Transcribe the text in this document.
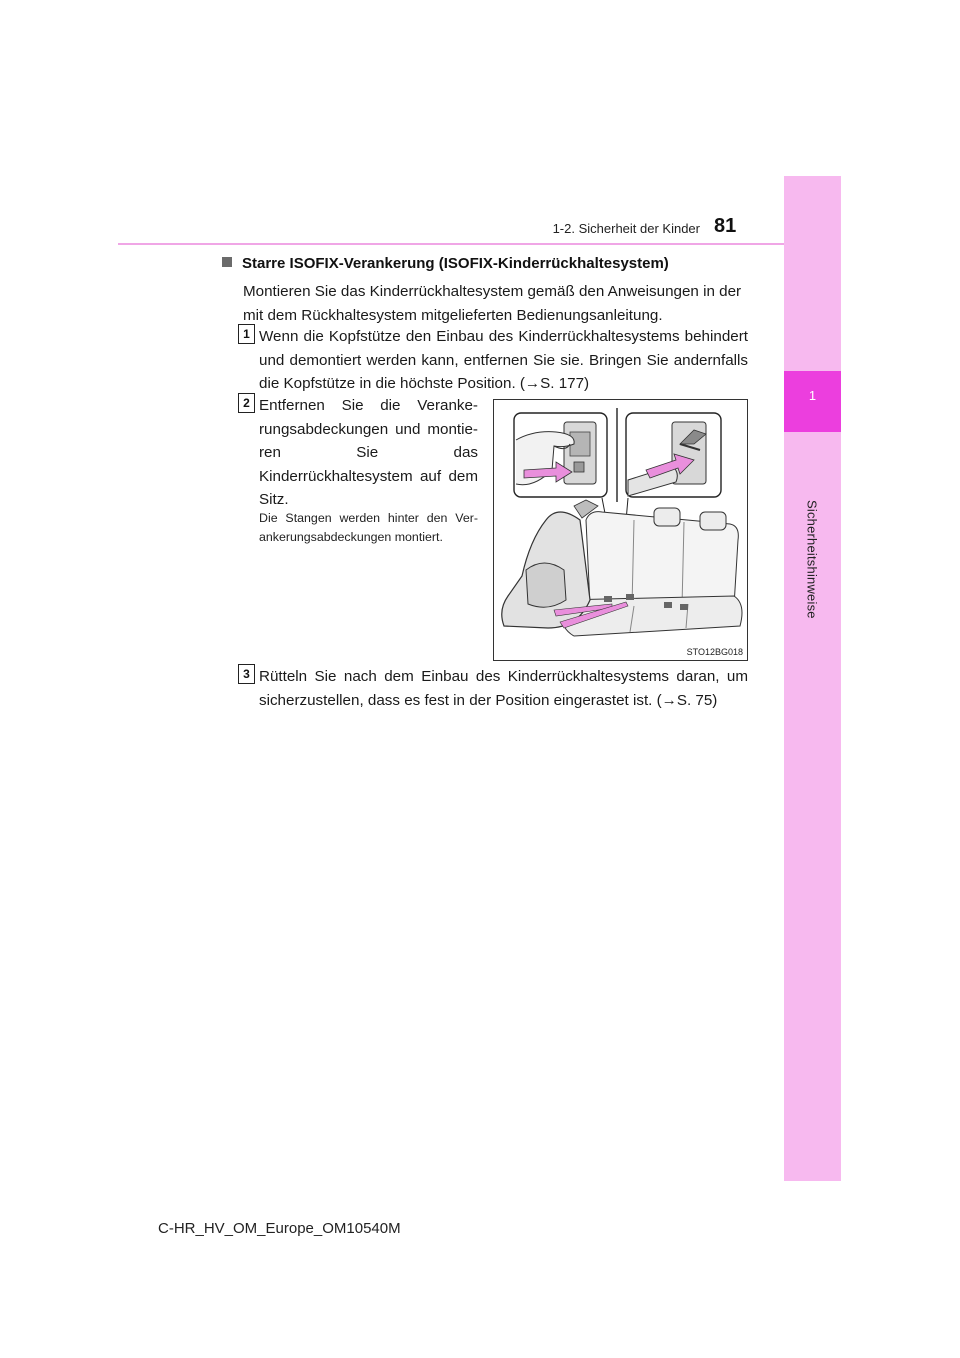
1
Sicherheitshinweise
1-2. Sicherheit der Kinder 81
Starre ISOFIX-Verankerung (ISOFIX-Kinderrückhaltesystem)
Montieren Sie das Kinderrückhaltesystem gemäß den Anweisungen in der mit dem Rückhaltesystem mitgelieferten Bedienungsanleitung.
1 Wenn die Kopfstütze den Einbau des Kinderrückhaltesystems behindert und demontiert werden kann, entfernen Sie sie. Bringen Sie andernfalls die Kopfstütze in die höchste Position. (→S. 177)
2 Entfernen Sie die Veranke-rungsabdeckungen und montie-ren Sie das Kinderrückhaltesystem auf dem Sitz.
Die Stangen werden hinter den Ver-ankerungsabdeckungen montiert.
STO12BG018
3 Rütteln Sie nach dem Einbau des Kinderrückhaltesystems daran, um sicherzustellen, dass es fest in der Position eingerastet ist. (→S. 75)
C-HR_HV_OM_Europe_OM10540M
